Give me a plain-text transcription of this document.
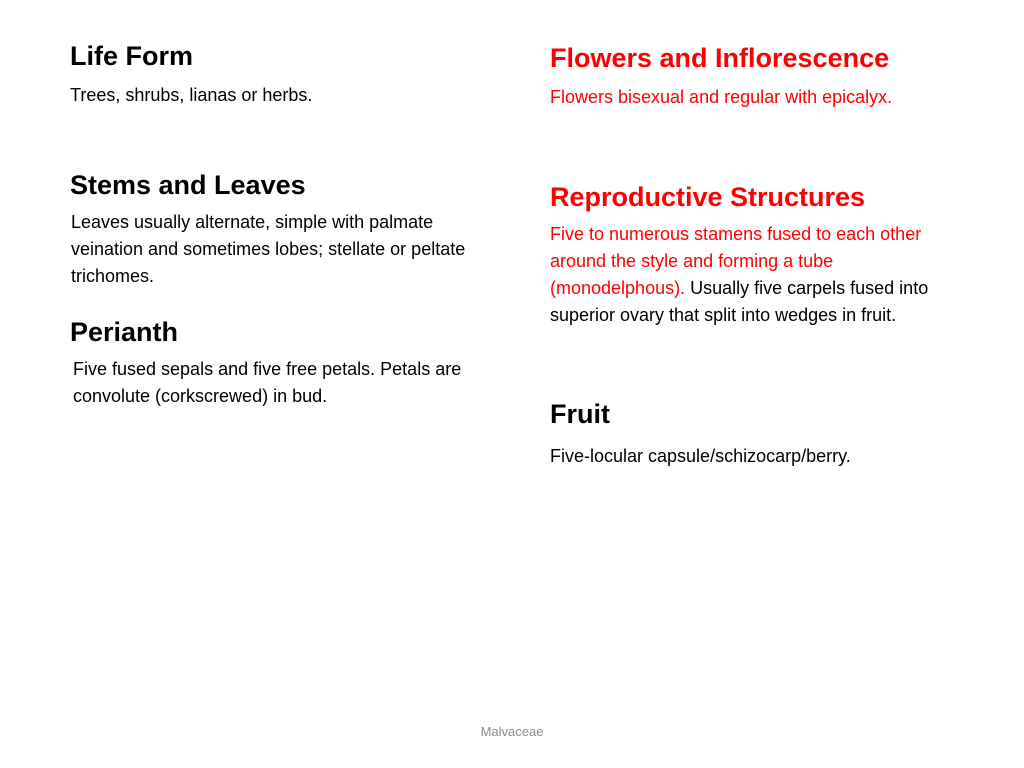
Life Form

Trees, shrubs, lianas or herbs.

Stems and Leaves

Leaves usually alternate, simple with palmate veination and sometimes lobes; stellate or peltate trichomes.

Perianth

Five fused sepals and five free petals. Petals are convolute (corkscrewed) in bud.

Flowers and Inflorescence

Flowers bisexual and regular with epicalyx.

Reproductive Structures

Five to numerous stamens fused to each other around the style and forming a tube (monodelphous). Usually five carpels fused into superior ovary that split into wedges in fruit.

Fruit

Five-locular capsule/schizocarp/berry.

Malvaceae
